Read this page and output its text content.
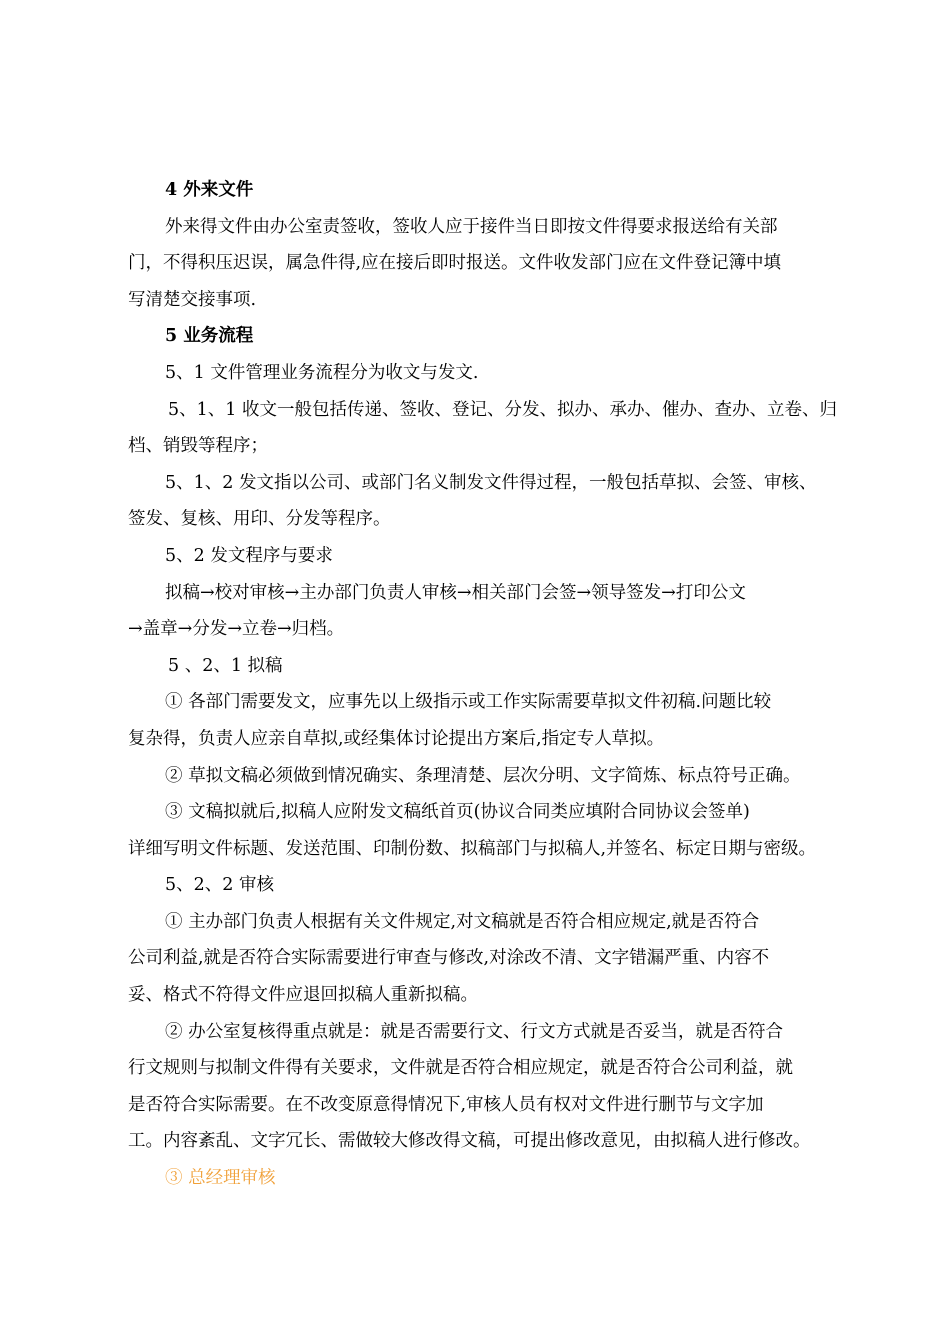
4 外来文件
外来得文件由办公室责签收，签收人应于接件当日即按文件得要求报送给有关部
门，不得积压迟误，属急件得,应在接后即时报送。文件收发部门应在文件登记簿中填
写清楚交接事项.
5 业务流程
5、1 文件管理业务流程分为收文与发文.
5、1、1 收文一般包括传递、签收、登记、分发、拟办、承办、催办、查办、立卷、归
档、销毁等程序；
5、1、2 发文指以公司、或部门名义制发文件得过程，一般包括草拟、会签、审核、
签发、复核、用印、分发等程序。
5、2 发文程序与要求
拟稿→校对审核→主办部门负责人审核→相关部门会签→领导签发→打印公文
→盖章→分发→立卷→归档。
5 、2、1 拟稿
① 各部门需要发文，应事先以上级指示或工作实际需要草拟文件初稿.问题比较
复杂得，负责人应亲自草拟,或经集体讨论提出方案后,指定专人草拟。
② 草拟文稿必须做到情况确实、条理清楚、层次分明、文字简炼、标点符号正确。
③ 文稿拟就后,拟稿人应附发文稿纸首页(协议合同类应填附合同协议会签单)
详细写明文件标题、发送范围、印制份数、拟稿部门与拟稿人,并签名、标定日期与密级。
5、2、2 审核
① 主办部门负责人根据有关文件规定,对文稿就是否符合相应规定,就是否符合
公司利益,就是否符合实际需要进行审查与修改,对涂改不清、文字错漏严重、内容不
妥、格式不符得文件应退回拟稿人重新拟稿。
② 办公室复核得重点就是：就是否需要行文、行文方式就是否妥当，就是否符合
行文规则与拟制文件得有关要求，文件就是否符合相应规定，就是否符合公司利益，就
是否符合实际需要。在不改变原意得情况下,审核人员有权对文件进行删节与文字加
工。内容紊乱、文字冗长、需做较大修改得文稿，可提出修改意见，由拟稿人进行修改。
③ 总经理审核
